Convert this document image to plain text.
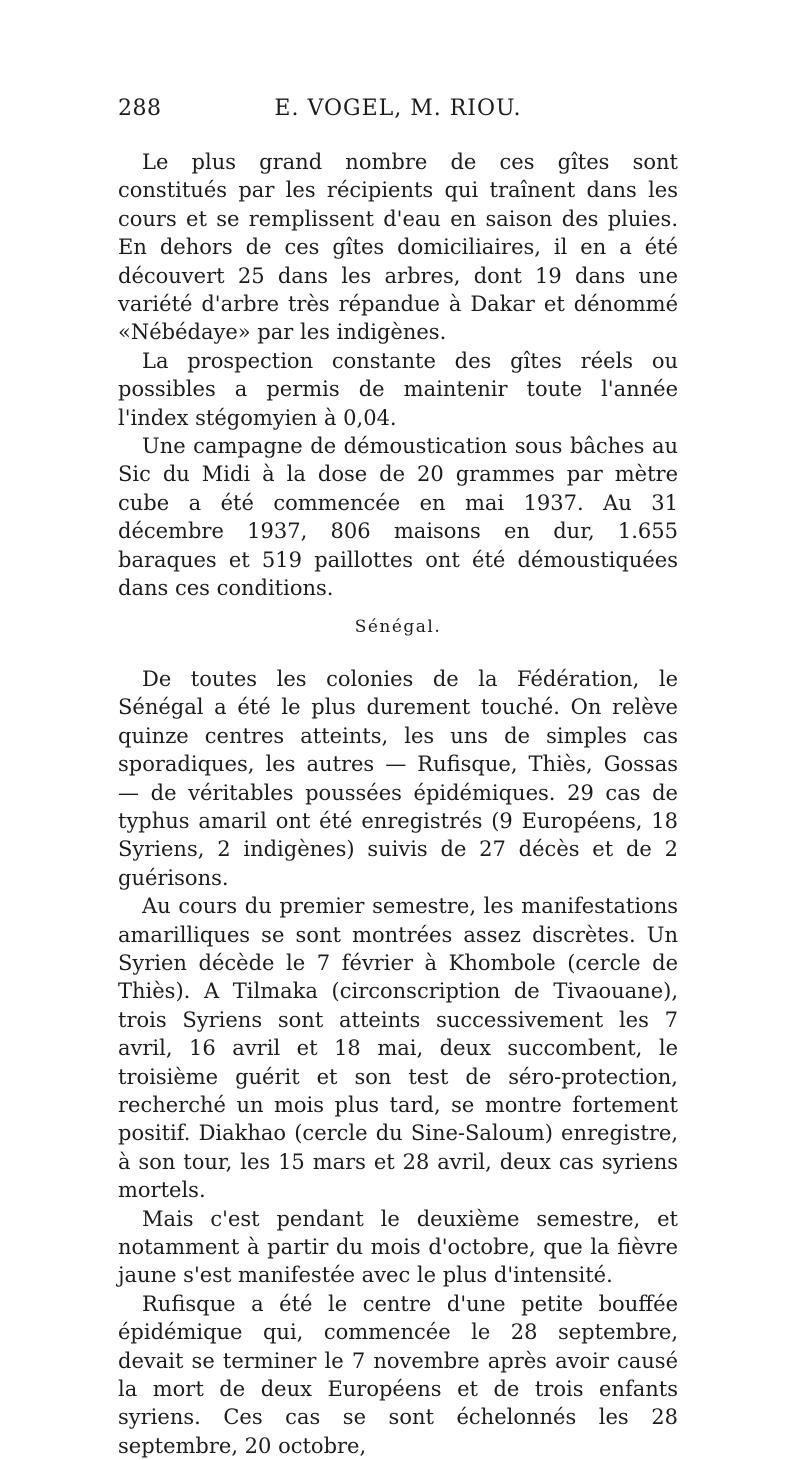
288	E. VOGEL, M. RIOU.

Le plus grand nombre de ces gîtes sont constitués par les récipients qui traînent dans les cours et se remplissent d'eau en saison des pluies. En dehors de ces gîtes domiciliaires, il en a été découvert 25 dans les arbres, dont 19 dans une variété d'arbre très répandue à Dakar et dénommé «Nébédaye» par les indigènes.

La prospection constante des gîtes réels ou possibles a permis de maintenir toute l'année l'index stégomyien à 0,04.

Une campagne de démoustication sous bâches au Sic du Midi à la dose de 20 grammes par mètre cube a été commencée en mai 1937. Au 31 décembre 1937, 806 maisons en dur, 1.655 baraques et 519 paillottes ont été démoustiquées dans ces conditions.

Sénégal.

De toutes les colonies de la Fédération, le Sénégal a été le plus durement touché. On relève quinze centres atteints, les uns de simples cas sporadiques, les autres — Rufisque, Thiès, Gossas — de véritables poussées épidémiques. 29 cas de typhus amaril ont été enregistrés (9 Européens, 18 Syriens, 2 indigènes) suivis de 27 décès et de 2 guérisons.

Au cours du premier semestre, les manifestations amarilliques se sont montrées assez discrètes. Un Syrien décède le 7 février à Khombole (cercle de Thiès). A Tilmaka (circonscription de Tivaouane), trois Syriens sont atteints successivement les 7 avril, 16 avril et 18 mai, deux succombent, le troisième guérit et son test de séro-protection, recherché un mois plus tard, se montre fortement positif. Diakhao (cercle du Sine-Saloum) enregistre, à son tour, les 15 mars et 28 avril, deux cas syriens mortels.

Mais c'est pendant le deuxième semestre, et notamment à partir du mois d'octobre, que la fièvre jaune s'est manifestée avec le plus d'intensité.

Rufisque a été le centre d'une petite bouffée épidémique qui, commencée le 28 septembre, devait se terminer le 7 novembre après avoir causé la mort de deux Européens et de trois enfants syriens. Ces cas se sont échelonnés les 28 septembre, 20 octobre,
